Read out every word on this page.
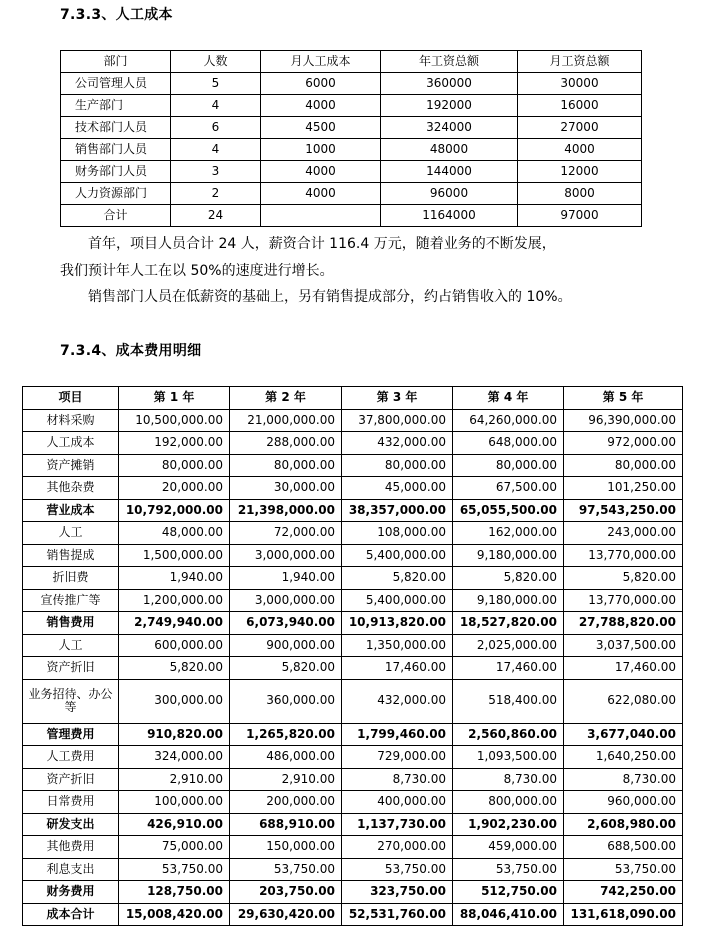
7.3.3、人工成本
部门	人数	月人工成本	年工资总额	月工资总额
公司管理人员	5	6000	360000	30000
生产部门	4	4000	192000	16000
技术部门人员	6	4500	324000	27000
销售部门人员	4	1000	48000	4000
财务部门人员	3	4000	144000	12000
人力资源部门	2	4000	96000	8000
合计	24		1164000	97000
首年，项目人员合计 24 人，薪资合计 116.4 万元，随着业务的不断发展，
我们预计年人工在以 50%的速度进行增长。
销售部门人员在低薪资的基础上，另有销售提成部分，约占销售收入的 10%。
7.3.4、成本费用明细
项目	第 1 年	第 2 年	第 3 年	第 4 年	第 5 年
材料采购	10,500,000.00	21,000,000.00	37,800,000.00	64,260,000.00	96,390,000.00
人工成本	192,000.00	288,000.00	432,000.00	648,000.00	972,000.00
资产摊销	80,000.00	80,000.00	80,000.00	80,000.00	80,000.00
其他杂费	20,000.00	30,000.00	45,000.00	67,500.00	101,250.00
营业成本	10,792,000.00	21,398,000.00	38,357,000.00	65,055,500.00	97,543,250.00
人工	48,000.00	72,000.00	108,000.00	162,000.00	243,000.00
销售提成	1,500,000.00	3,000,000.00	5,400,000.00	9,180,000.00	13,770,000.00
折旧费	1,940.00	1,940.00	5,820.00	5,820.00	5,820.00
宣传推广等	1,200,000.00	3,000,000.00	5,400,000.00	9,180,000.00	13,770,000.00
销售费用	2,749,940.00	6,073,940.00	10,913,820.00	18,527,820.00	27,788,820.00
人工	600,000.00	900,000.00	1,350,000.00	2,025,000.00	3,037,500.00
资产折旧	5,820.00	5,820.00	17,460.00	17,460.00	17,460.00
业务招待、办公等	300,000.00	360,000.00	432,000.00	518,400.00	622,080.00
管理费用	910,820.00	1,265,820.00	1,799,460.00	2,560,860.00	3,677,040.00
人工费用	324,000.00	486,000.00	729,000.00	1,093,500.00	1,640,250.00
资产折旧	2,910.00	2,910.00	8,730.00	8,730.00	8,730.00
日常费用	100,000.00	200,000.00	400,000.00	800,000.00	960,000.00
研发支出	426,910.00	688,910.00	1,137,730.00	1,902,230.00	2,608,980.00
其他费用	75,000.00	150,000.00	270,000.00	459,000.00	688,500.00
利息支出	53,750.00	53,750.00	53,750.00	53,750.00	53,750.00
财务费用	128,750.00	203,750.00	323,750.00	512,750.00	742,250.00
成本合计	15,008,420.00	29,630,420.00	52,531,760.00	88,046,410.00	131,618,090.00
